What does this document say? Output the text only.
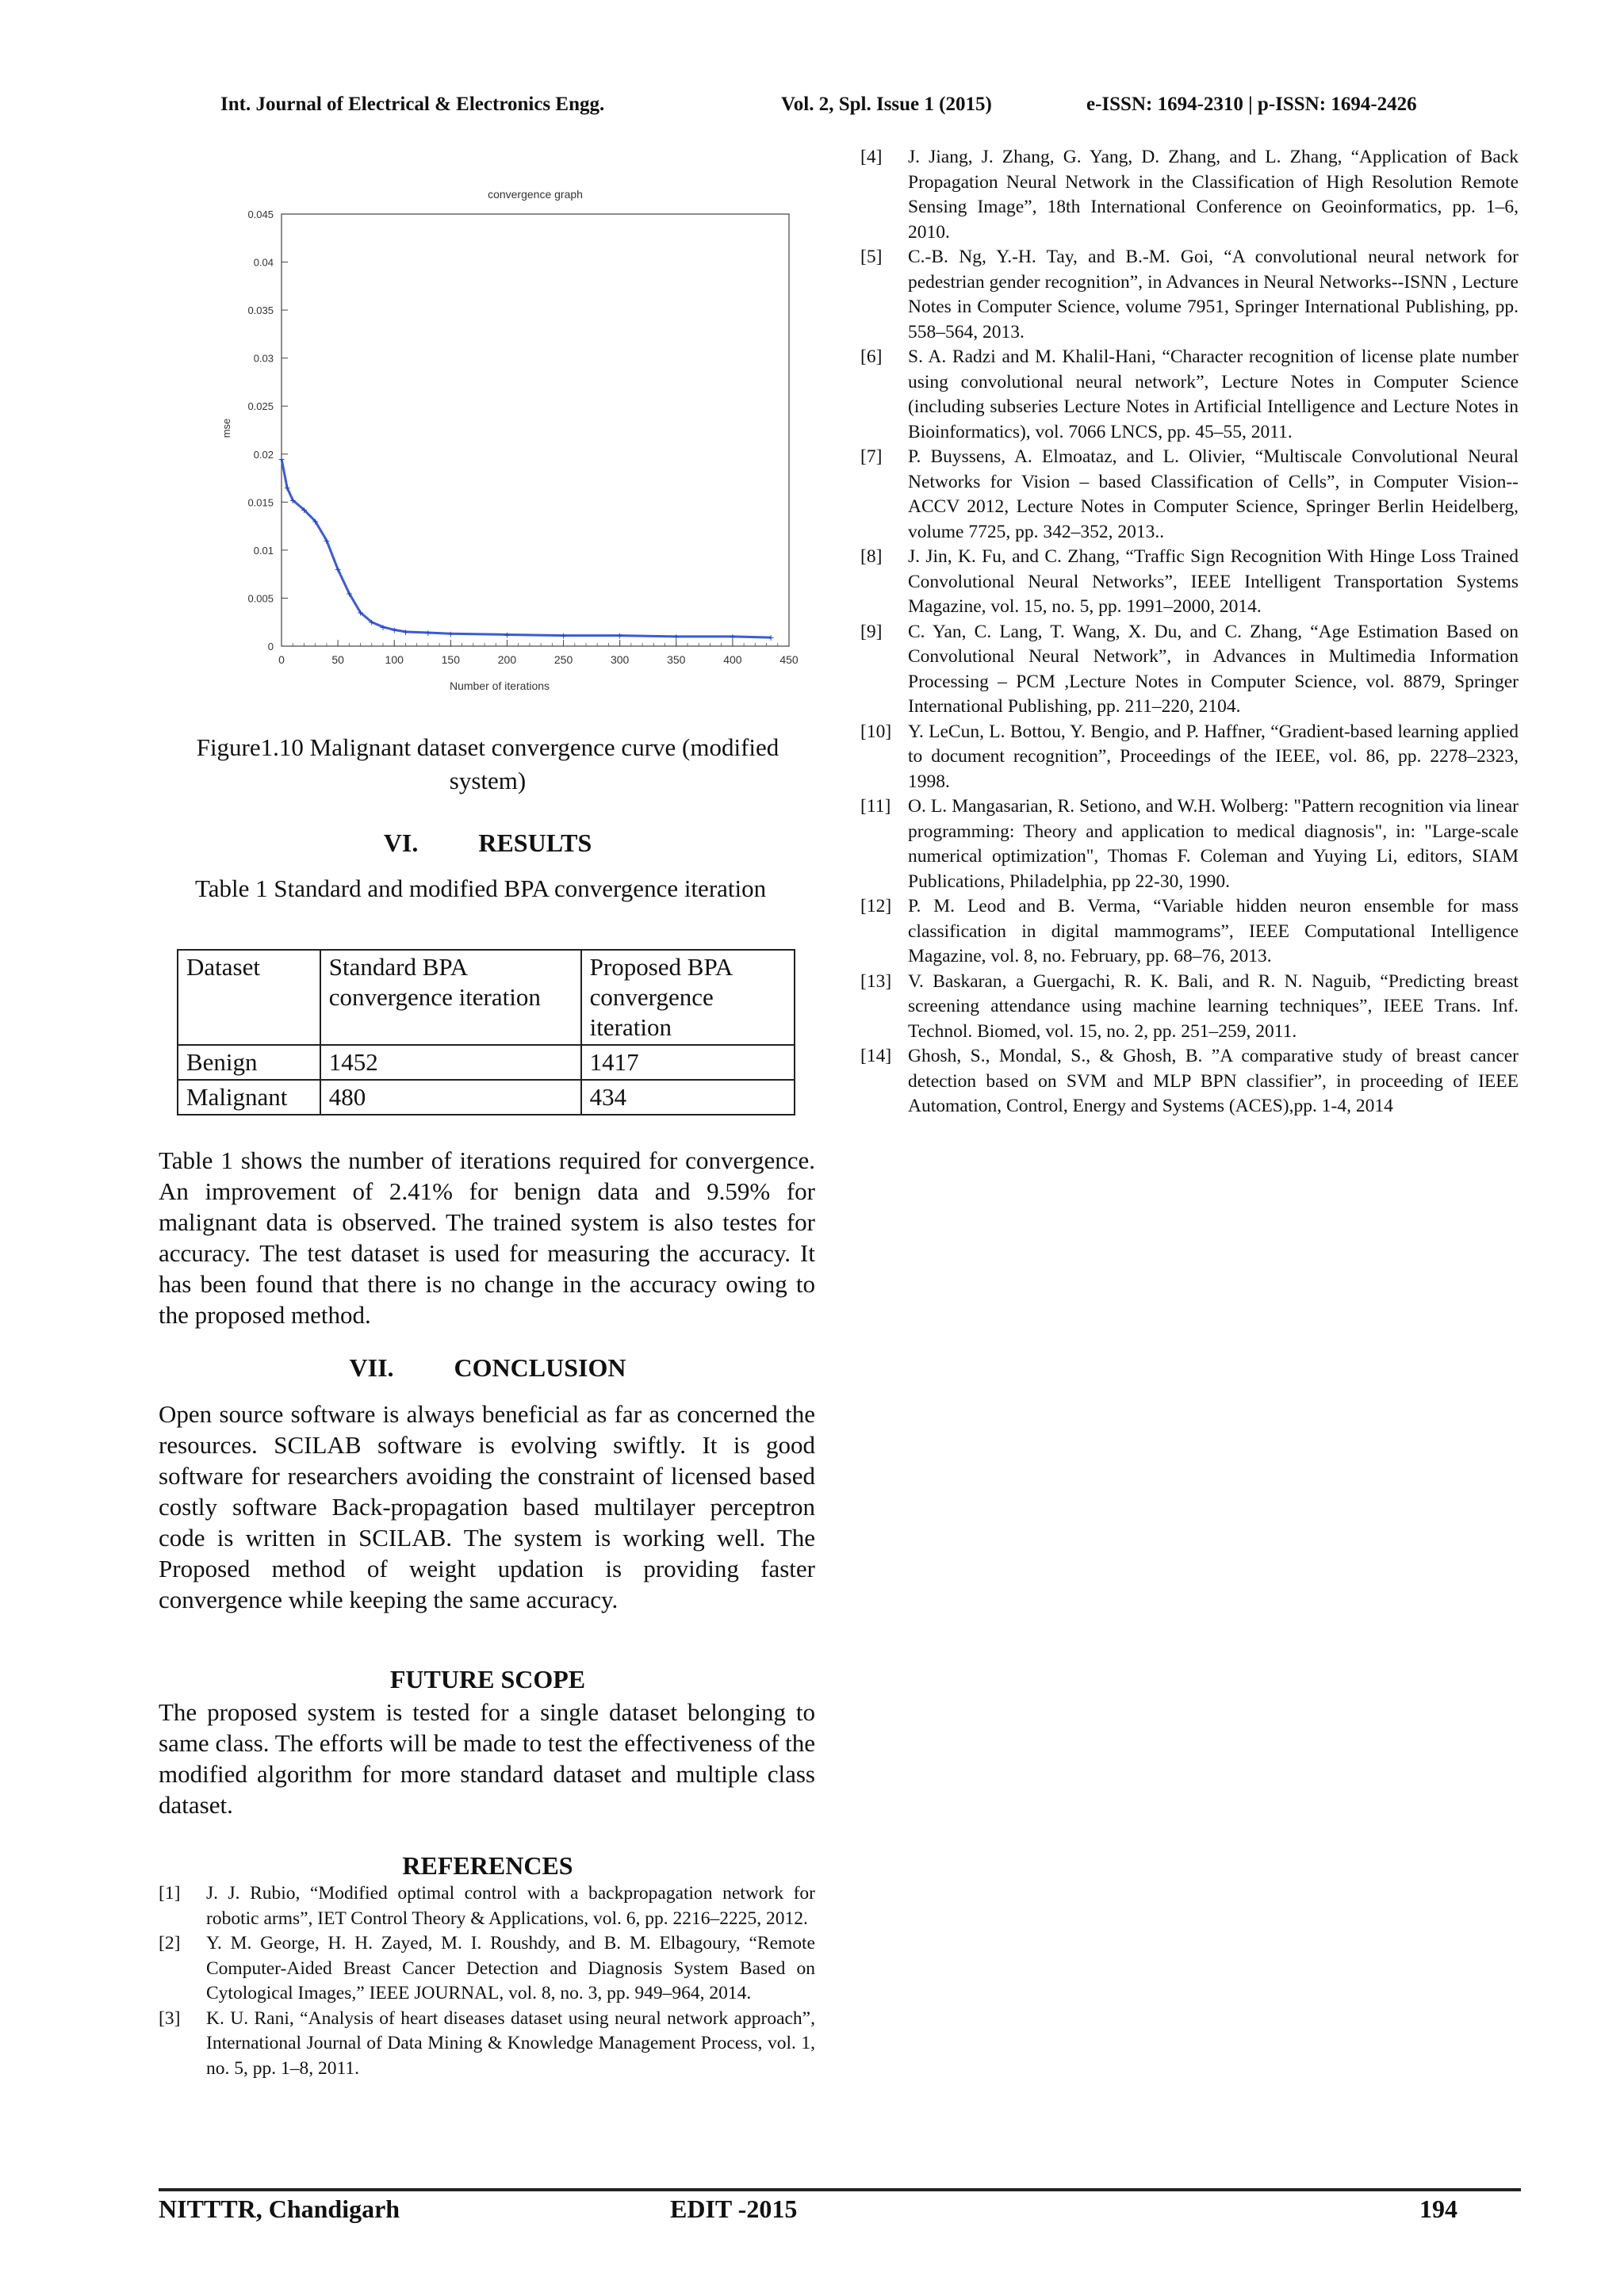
Int. Journal of Electrical & Electronics Engg.	Vol. 2, Spl. Issue 1 (2015)	e-ISSN: 1694-2310 | p-ISSN: 1694-2426
convergence graph
mse
Number of iterations
0	50	100	150	200	250	300	350	400	450
0
0.005
0.01
0.015
0.02
0.025
0.03
0.035
0.04
0.045
+
+
+
+
+
+
+
+
+
+ + + + + +	+	+	+	+	+	+
Figure1.10 Malignant dataset convergence curve (modified system)
VI. RESULTS
Table 1 Standard and modified BPA convergence iteration
Dataset	Standard BPA convergence iteration	Proposed BPA convergence iteration
Benign	1452	1417
Malignant	480	434
Table 1 shows the number of iterations required for convergence. An improvement of 2.41% for benign data and 9.59% for malignant data is observed. The trained system is also testes for accuracy. The test dataset is used for measuring the accuracy. It has been found that there is no change in the accuracy owing to the proposed method.
VII. CONCLUSION
Open source software is always beneficial as far as concerned the resources. SCILAB software is evolving swiftly. It is good software for researchers avoiding the constraint of licensed based costly software Back-propagation based multilayer perceptron code is written in SCILAB. The system is working well. The Proposed method of weight updation is providing faster convergence while keeping the same accuracy.
FUTURE SCOPE
The proposed system is tested for a single dataset belonging to same class. The efforts will be made to test the effectiveness of the modified algorithm for more standard dataset and multiple class dataset.
REFERENCES
[1] J. J. Rubio, “Modified optimal control with a backpropagation network for robotic arms”, IET Control Theory & Applications, vol. 6, pp. 2216–2225, 2012.
[2] Y. M. George, H. H. Zayed, M. I. Roushdy, and B. M. Elbagoury, “Remote Computer-Aided Breast Cancer Detection and Diagnosis System Based on Cytological Images,” IEEE JOURNAL, vol. 8, no. 3, pp. 949–964, 2014.
[3] K. U. Rani, “Analysis of heart diseases dataset using neural network approach”, International Journal of Data Mining & Knowledge Management Process, vol. 1, no. 5, pp. 1–8, 2011.
[4] J. Jiang, J. Zhang, G. Yang, D. Zhang, and L. Zhang, “Application of Back Propagation Neural Network in the Classification of High Resolution Remote Sensing Image”, 18th International Conference on Geoinformatics, pp. 1–6, 2010.
[5] C.-B. Ng, Y.-H. Tay, and B.-M. Goi, “A convolutional neural network for pedestrian gender recognition”, in Advances in Neural Networks--ISNN , Lecture Notes in Computer Science, volume 7951, Springer International Publishing, pp. 558–564, 2013.
[6] S. A. Radzi and M. Khalil-Hani, “Character recognition of license plate number using convolutional neural network”, Lecture Notes in Computer Science (including subseries Lecture Notes in Artificial Intelligence and Lecture Notes in Bioinformatics), vol. 7066 LNCS, pp. 45–55, 2011.
[7] P. Buyssens, A. Elmoataz, and L. Olivier, “Multiscale Convolutional Neural Networks for Vision – based Classification of Cells”, in Computer Vision--ACCV 2012, Lecture Notes in Computer Science, Springer Berlin Heidelberg, volume 7725, pp. 342–352, 2013..
[8] J. Jin, K. Fu, and C. Zhang, “Traffic Sign Recognition With Hinge Loss Trained Convolutional Neural Networks”, IEEE Intelligent Transportation Systems Magazine, vol. 15, no. 5, pp. 1991–2000, 2014.
[9] C. Yan, C. Lang, T. Wang, X. Du, and C. Zhang, “Age Estimation Based on Convolutional Neural Network”, in Advances in Multimedia Information Processing – PCM ,Lecture Notes in Computer Science, vol. 8879, Springer International Publishing, pp. 211–220, 2104.
[10] Y. LeCun, L. Bottou, Y. Bengio, and P. Haffner, “Gradient-based learning applied to document recognition”, Proceedings of the IEEE, vol. 86, pp. 2278–2323, 1998.
[11] O. L. Mangasarian, R. Setiono, and W.H. Wolberg: "Pattern recognition via linear programming: Theory and application to medical diagnosis", in: "Large-scale numerical optimization", Thomas F. Coleman and Yuying Li, editors, SIAM Publications, Philadelphia, pp 22-30, 1990.
[12] P. M. Leod and B. Verma, “Variable hidden neuron ensemble for mass classification in digital mammograms”, IEEE Computational Intelligence Magazine, vol. 8, no. February, pp. 68–76, 2013.
[13] V. Baskaran, a Guergachi, R. K. Bali, and R. N. Naguib, “Predicting breast screening attendance using machine learning techniques”, IEEE Trans. Inf. Technol. Biomed, vol. 15, no. 2, pp. 251–259, 2011.
[14] Ghosh, S., Mondal, S., & Ghosh, B. ”A comparative study of breast cancer detection based on SVM and MLP BPN classifier”, in proceeding of IEEE Automation, Control, Energy and Systems (ACES),pp. 1-4, 2014
NITTTR, Chandigarh	EDIT -2015	194
